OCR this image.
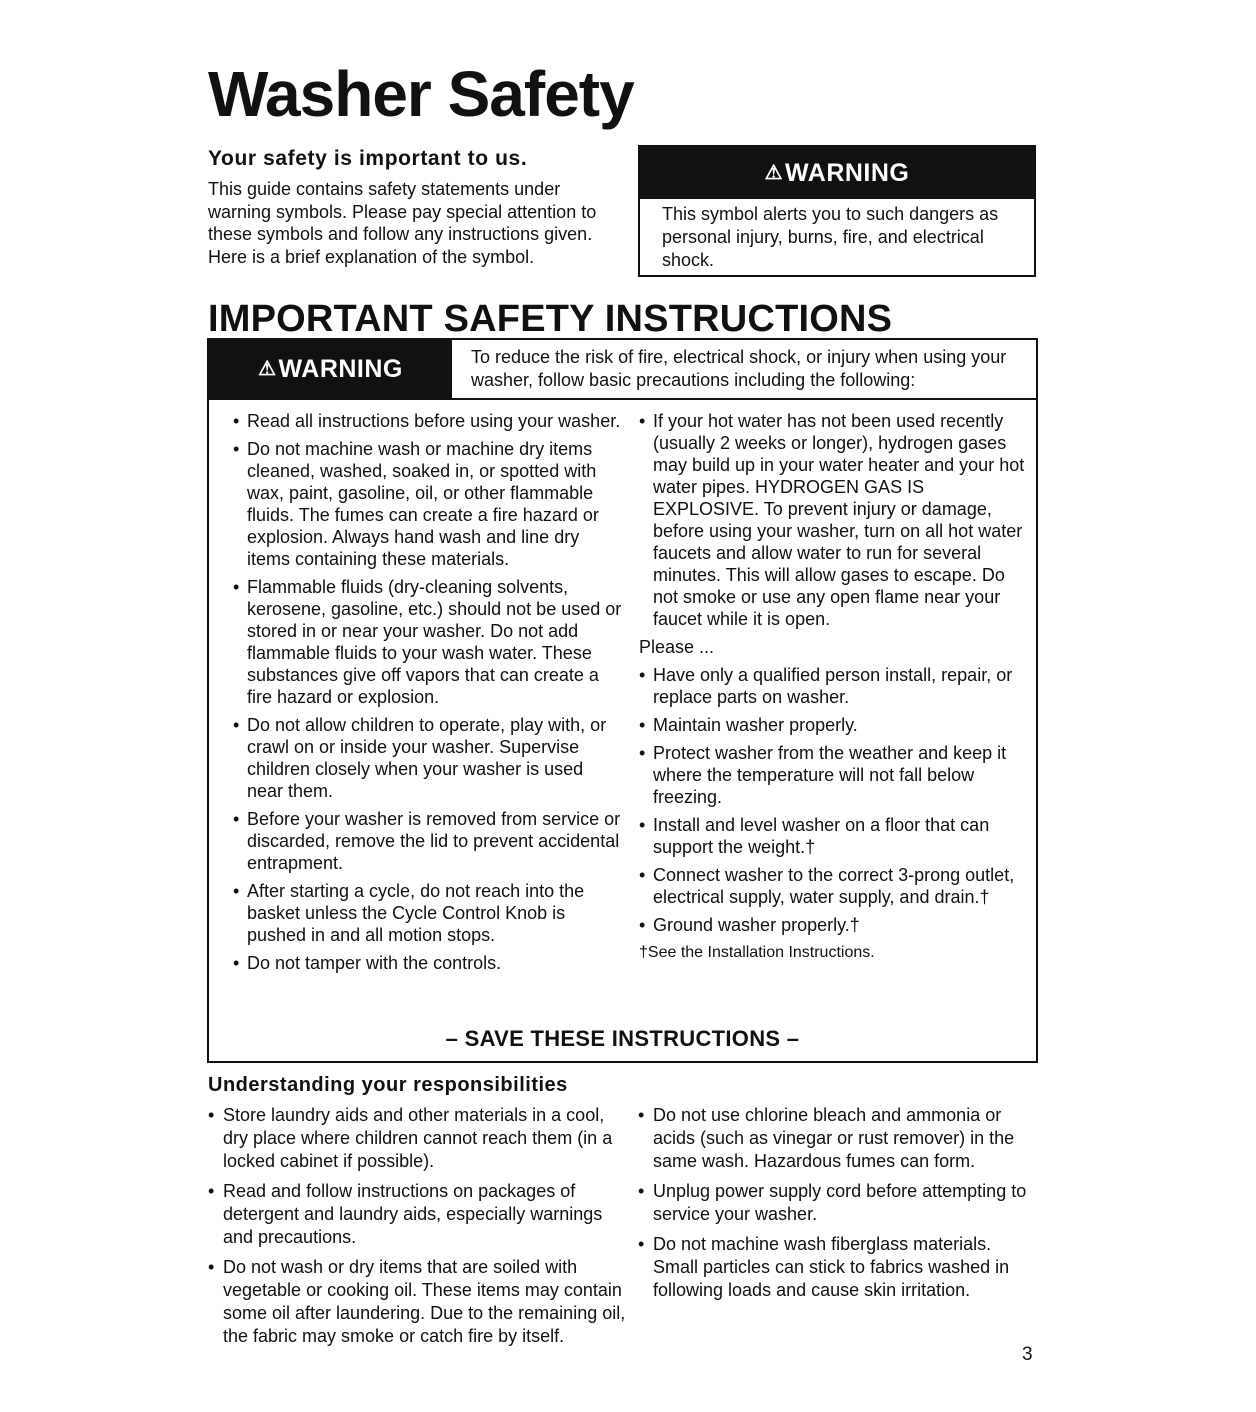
Washer Safety
Your safety is important to us.

This guide contains safety statements under warning symbols. Please pay special attention to these symbols and follow any instructions given. Here is a brief explanation of the symbol.

⚠ WARNING

This symbol alerts you to such dangers as personal injury, burns, fire, and electrical shock.

IMPORTANT SAFETY INSTRUCTIONS
⚠ WARNING	To reduce the risk of fire, electrical shock, or injury when using your washer, follow basic precautions including the following:

• Read all instructions before using your washer.
• Do not machine wash or machine dry items cleaned, washed, soaked in, or spotted with wax, paint, gasoline, oil, or other flammable fluids. The fumes can create a fire hazard or explosion. Always hand wash and line dry items containing these materials.
• Flammable fluids (dry-cleaning solvents, kerosene, gasoline, etc.) should not be used or stored in or near your washer. Do not add flammable fluids to your wash water. These substances give off vapors that can create a fire hazard or explosion.
• Do not allow children to operate, play with, or crawl on or inside your washer. Supervise children closely when your washer is used near them.
• Before your washer is removed from service or discarded, remove the lid to prevent accidental entrapment.
• After starting a cycle, do not reach into the basket unless the Cycle Control Knob is pushed in and all motion stops.
• Do not tamper with the controls.
• If your hot water has not been used recently (usually 2 weeks or longer), hydrogen gases may build up in your water heater and your hot water pipes. HYDROGEN GAS IS EXPLOSIVE. To prevent injury or damage, before using your washer, turn on all hot water faucets and allow water to run for several minutes. This will allow gases to escape. Do not smoke or use any open flame near your faucet while it is open.
Please ...
• Have only a qualified person install, repair, or replace parts on washer.
• Maintain washer properly.
• Protect washer from the weather and keep it where the temperature will not fall below freezing.
• Install and level washer on a floor that can support the weight.†
• Connect washer to the correct 3-prong outlet, electrical supply, water supply, and drain.†
• Ground washer properly.†
†See the Installation Instructions.
– SAVE THESE INSTRUCTIONS –
Understanding your responsibilities
• Store laundry aids and other materials in a cool, dry place where children cannot reach them (in a locked cabinet if possible).
• Read and follow instructions on packages of detergent and laundry aids, especially warnings and precautions.
• Do not wash or dry items that are soiled with vegetable or cooking oil. These items may contain some oil after laundering. Due to the remaining oil, the fabric may smoke or catch fire by itself.
• Do not use chlorine bleach and ammonia or acids (such as vinegar or rust remover) in the same wash. Hazardous fumes can form.
• Unplug power supply cord before attempting to service your washer.
• Do not machine wash fiberglass materials. Small particles can stick to fabrics washed in following loads and cause skin irritation.
3
